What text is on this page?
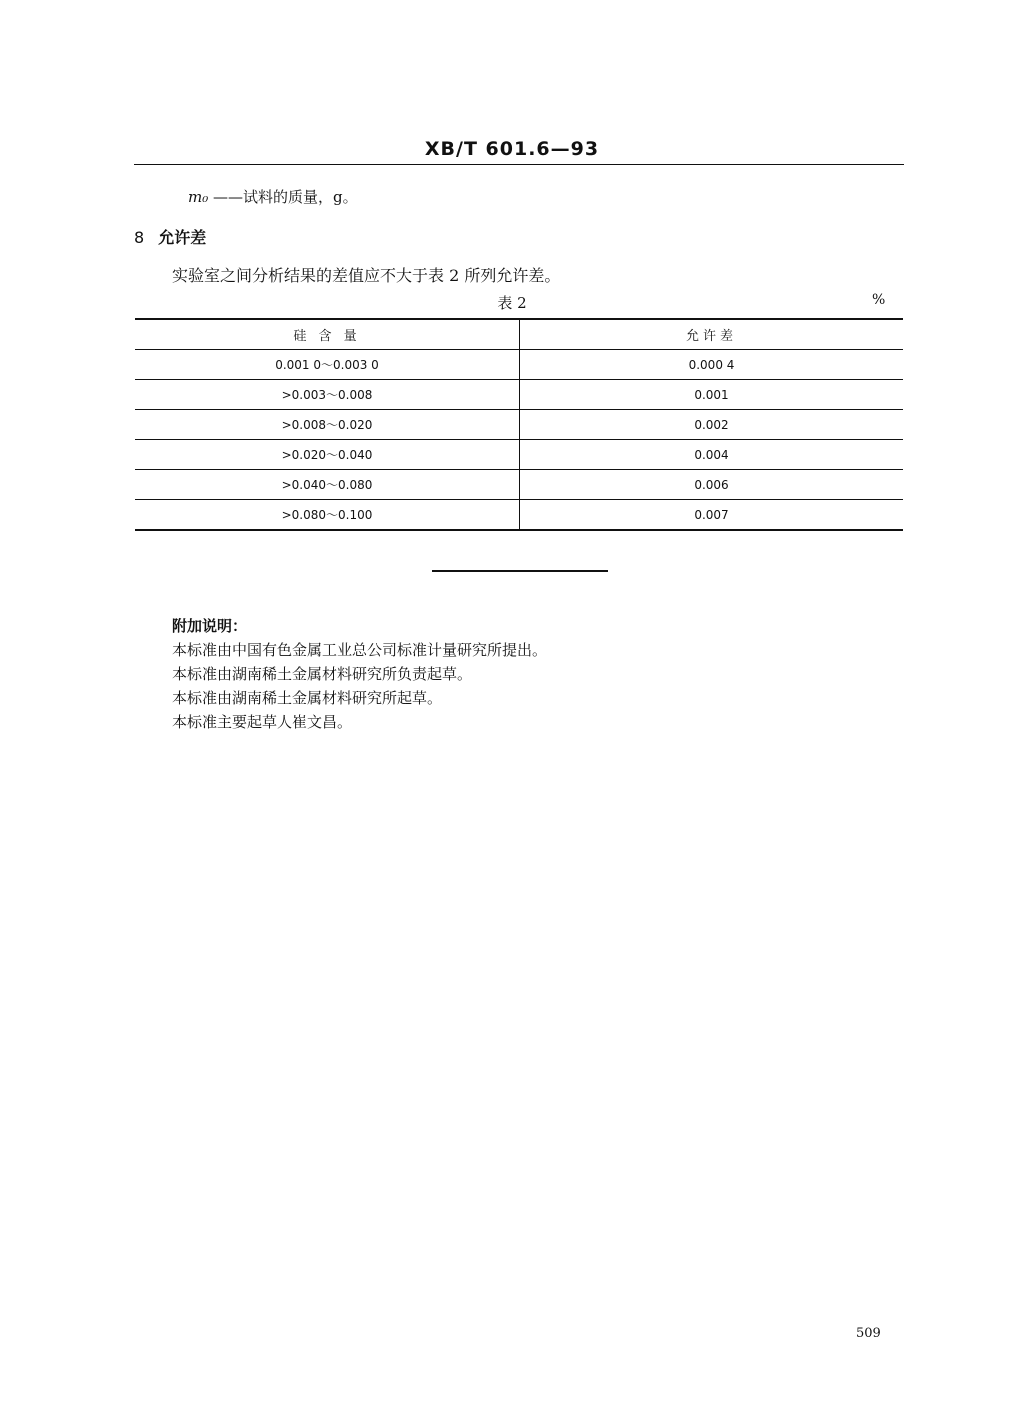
XB/T 601.6—93
m₀ ——试料的质量，g。
8 允许差
实验室之间分析结果的差值应不大于表 2 所列允许差。
表 2	%
硅 含 量	允许差
0.001 0～0.003 0	0.000 4
>0.003～0.008	0.001
>0.008～0.020	0.002
>0.020～0.040	0.004
>0.040～0.080	0.006
>0.080～0.100	0.007
附加说明：
本标准由中国有色金属工业总公司标准计量研究所提出。
本标准由湖南稀土金属材料研究所负责起草。
本标准由湖南稀土金属材料研究所起草。
本标准主要起草人崔文昌。
509
